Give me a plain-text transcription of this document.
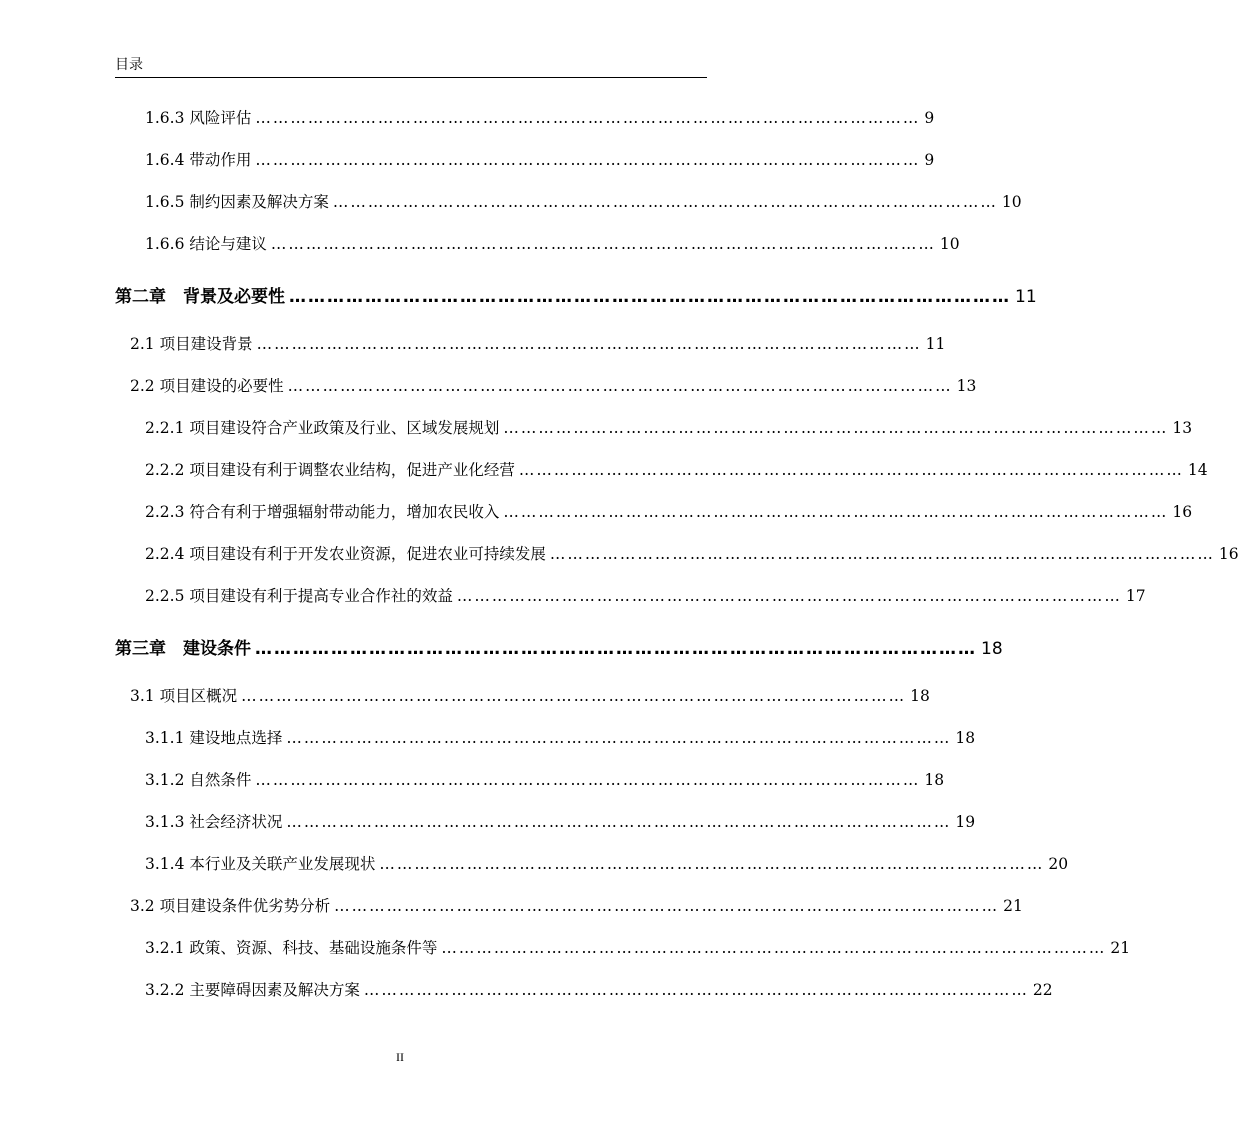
目录
1.6.3 风险评估 …………………………………………………………………………………………………… 9
1.6.4 带动作用 …………………………………………………………………………………………………… 9
1.6.5 制约因素及解决方案 …………………………………………………………………………………………………… 10
1.6.6 结论与建议 …………………………………………………………………………………………………… 10
第二章　背景及必要性 …………………………………………………………………………………………………… 11
2.1 项目建设背景 …………………………………………………………………………………………………… 11
2.2 项目建设的必要性 …………………………………………………………………………………………………… 13
2.2.1 项目建设符合产业政策及行业、区域发展规划 …………………………………………………………………………………………………… 13
2.2.2 项目建设有利于调整农业结构，促进产业化经营 …………………………………………………………………………………………………… 14
2.2.3 符合有利于增强辐射带动能力，增加农民收入 …………………………………………………………………………………………………… 16
2.2.4 项目建设有利于开发农业资源，促进农业可持续发展 …………………………………………………………………………………………………… 16
2.2.5 项目建设有利于提高专业合作社的效益 …………………………………………………………………………………………………… 17
第三章　建设条件 …………………………………………………………………………………………………… 18
3.1 项目区概况 …………………………………………………………………………………………………… 18
3.1.1 建设地点选择 …………………………………………………………………………………………………… 18
3.1.2 自然条件 …………………………………………………………………………………………………… 18
3.1.3 社会经济状况 …………………………………………………………………………………………………… 19
3.1.4 本行业及关联产业发展现状 …………………………………………………………………………………………………… 20
3.2 项目建设条件优劣势分析 …………………………………………………………………………………………………… 21
3.2.1 政策、资源、科技、基础设施条件等 …………………………………………………………………………………………………… 21
3.2.2 主要障碍因素及解决方案 …………………………………………………………………………………………………… 22
II
